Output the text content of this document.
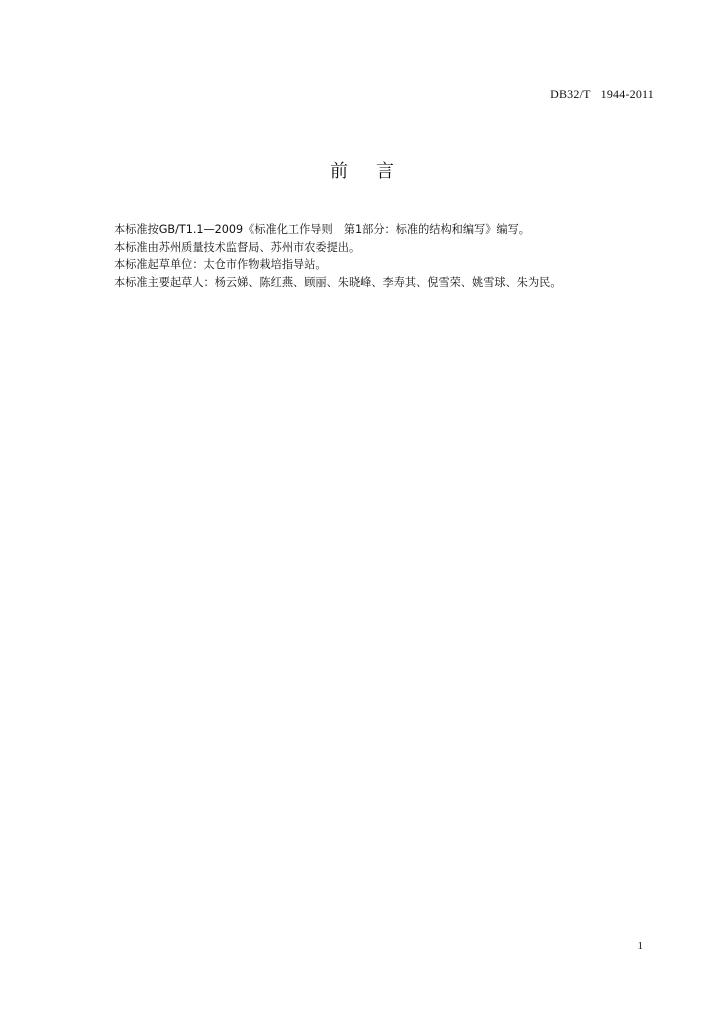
DB32/T 1944-2011
前言

本标准按GB/T1.1—2009《标准化工作导则　第1部分：标准的结构和编写》编写。

本标准由苏州质量技术监督局、苏州市农委提出。

本标准起草单位：太仓市作物栽培指导站。

本标准主要起草人：杨云娣、陈红燕、顾丽、朱晓峰、李寿其、倪雪荣、姚雪球、朱为民。

1
